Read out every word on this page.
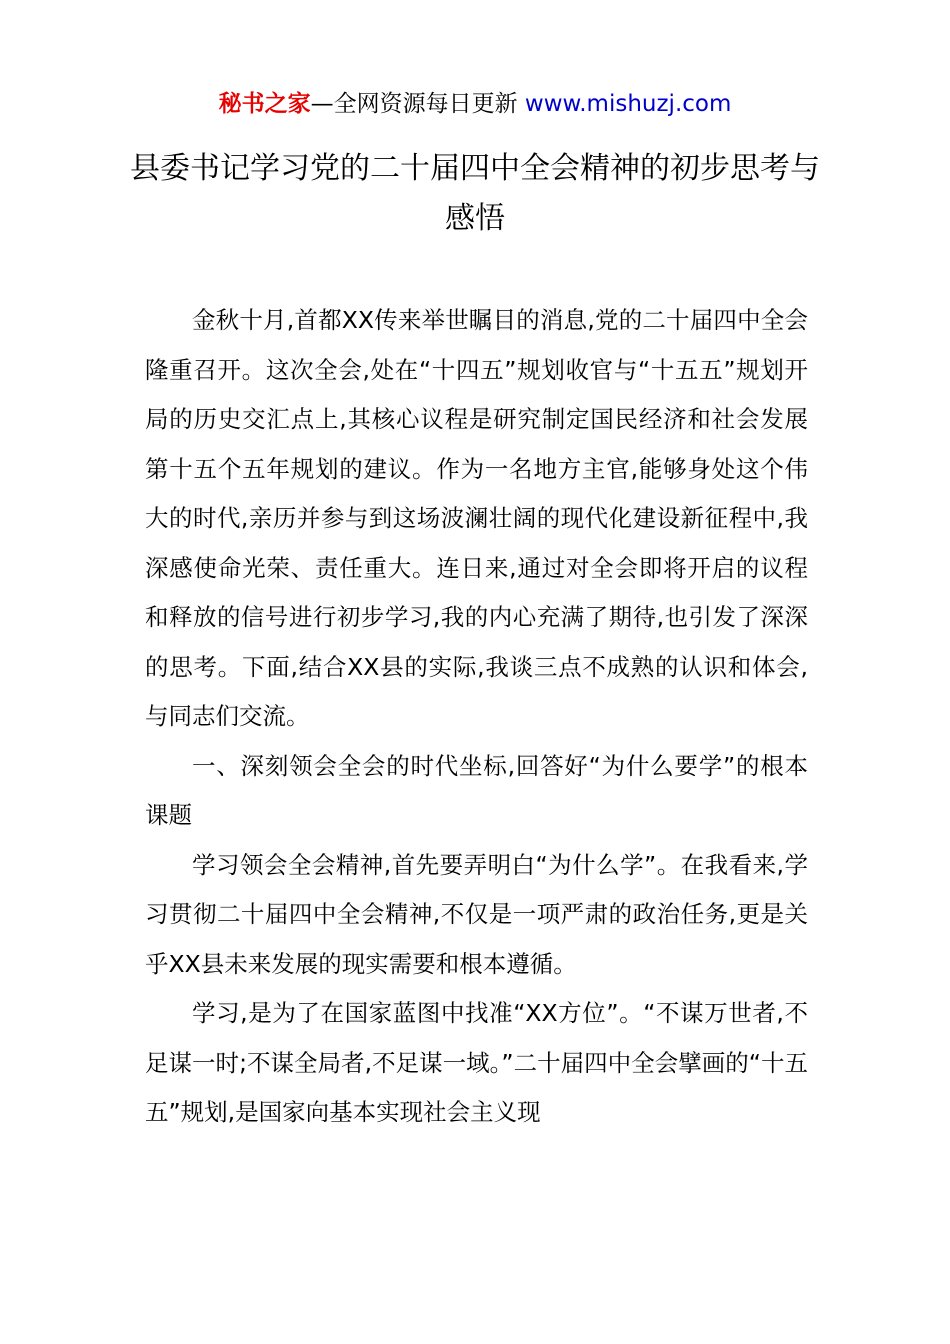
秘书之家—全网资源每日更新 www.mishuzj.com
县委书记学习党的二十届四中全会精神的初步思考与感悟

金秋十月,首都XX传来举世瞩目的消息,党的二十届四中全会隆重召开。这次全会,处在“十四五”规划收官与“十五五”规划开局的历史交汇点上,其核心议程是研究制定国民经济和社会发展第十五个五年规划的建议。作为一名地方主官,能够身处这个伟大的时代,亲历并参与到这场波澜壮阔的现代化建设新征程中,我深感使命光荣、责任重大。连日来,通过对全会即将开启的议程和释放的信号进行初步学习,我的内心充满了期待,也引发了深深的思考。下面,结合XX县的实际,我谈三点不成熟的认识和体会,与同志们交流。

一、深刻领会全会的时代坐标,回答好“为什么要学”的根本课题

学习领会全会精神,首先要弄明白“为什么学”。在我看来,学习贯彻二十届四中全会精神,不仅是一项严肃的政治任务,更是关乎XX县未来发展的现实需要和根本遵循。

学习,是为了在国家蓝图中找准“XX方位”。“不谋万世者,不足谋一时;不谋全局者,不足谋一域。”二十届四中全会擘画的“十五五”规划,是国家向基本实现社会主义现
